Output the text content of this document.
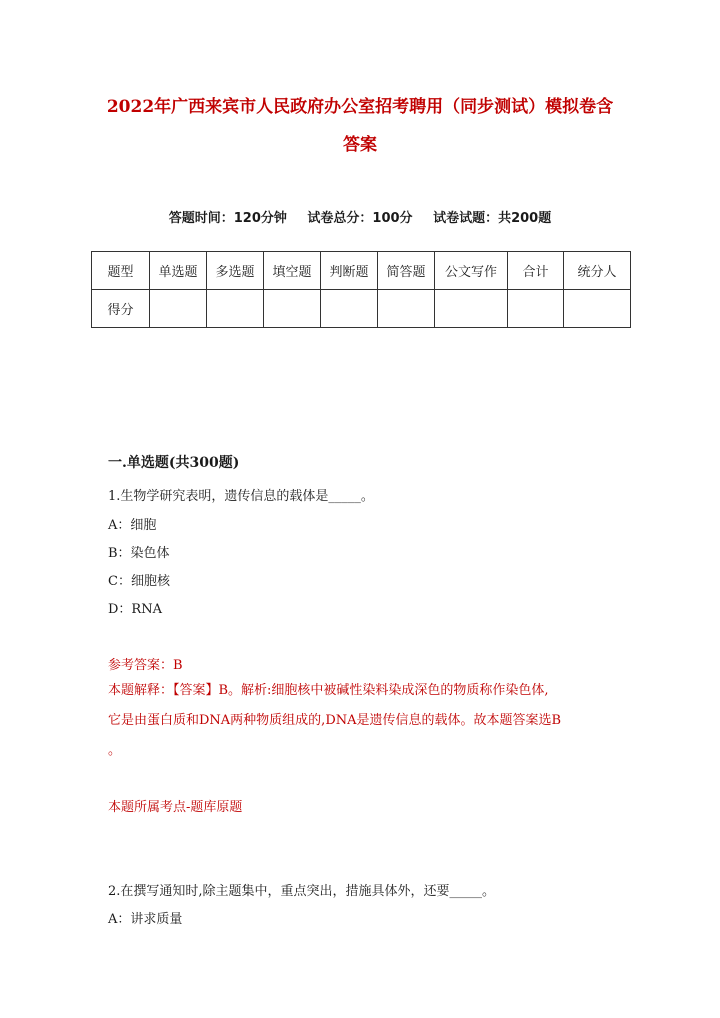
2022年广西来宾市人民政府办公室招考聘用（同步测试）模拟卷含
答案
答题时间：120分钟 试卷总分：100分 试卷试题：共200题
题型	单选题	多选题	填空题	判断题	简答题	公文写作	合计	统分人
得分								
一.单选题(共300题)
1.生物学研究表明，遗传信息的载体是_____。
A：细胞
B：染色体
C：细胞核
D：RNA
参考答案：B
本题解释：【答案】B。解析:细胞核中被碱性染料染成深色的物质称作染色体,
它是由蛋白质和DNA两种物质组成的,DNA是遗传信息的载体。故本题答案选B
。
本题所属考点-题库原题
2.在撰写通知时,除主题集中，重点突出，措施具体外，还要_____。
A：讲求质量
